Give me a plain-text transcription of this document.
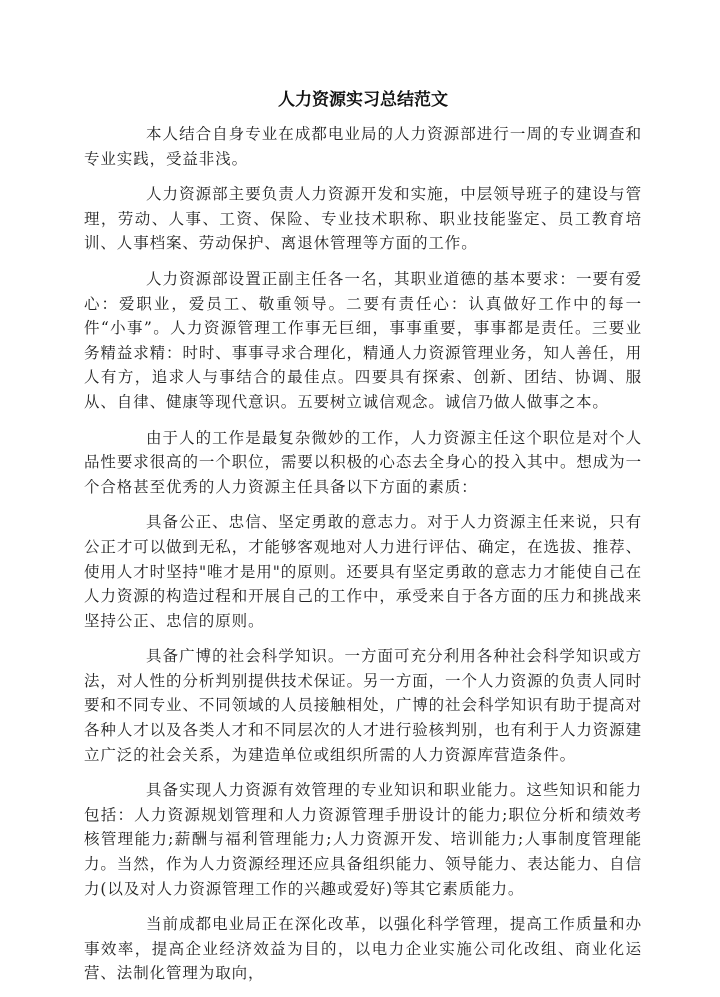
人力资源实习总结范文

本人结合自身专业在成都电业局的人力资源部进行一周的专业调查和专业实践，受益非浅。

人力资源部主要负责人力资源开发和实施，中层领导班子的建设与管理，劳动、人事、工资、保险、专业技术职称、职业技能鉴定、员工教育培训、人事档案、劳动保护、离退休管理等方面的工作。

人力资源部设置正副主任各一名，其职业道德的基本要求：一要有爱心：爱职业，爱员工、敬重领导。二要有责任心：认真做好工作中的每一件“小事”。人力资源管理工作事无巨细，事事重要，事事都是责任。三要业务精益求精：时时、事事寻求合理化，精通人力资源管理业务，知人善任，用人有方，追求人与事结合的最佳点。四要具有探索、创新、团结、协调、服从、自律、健康等现代意识。五要树立诚信观念。诚信乃做人做事之本。

由于人的工作是最复杂微妙的工作，人力资源主任这个职位是对个人品性要求很高的一个职位，需要以积极的心态去全身心的投入其中。想成为一个合格甚至优秀的人力资源主任具备以下方面的素质：

具备公正、忠信、坚定勇敢的意志力。对于人力资源主任来说，只有公正才可以做到无私，才能够客观地对人力进行评估、确定，在选拔、推荐、使用人才时坚持"唯才是用"的原则。还要具有坚定勇敢的意志力才能使自己在人力资源的构造过程和开展自己的工作中，承受来自于各方面的压力和挑战来坚持公正、忠信的原则。

具备广博的社会科学知识。一方面可充分利用各种社会科学知识或方法，对人性的分析判别提供技术保证。另一方面，一个人力资源的负责人同时要和不同专业、不同领域的人员接触相处，广博的社会科学知识有助于提高对各种人才以及各类人才和不同层次的人才进行验核判别，也有利于人力资源建立广泛的社会关系，为建造单位或组织所需的人力资源库营造条件。

具备实现人力资源有效管理的专业知识和职业能力。这些知识和能力包括：人力资源规划管理和人力资源管理手册设计的能力;职位分析和绩效考核管理能力;薪酬与福利管理能力;人力资源开发、培训能力;人事制度管理能力。当然，作为人力资源经理还应具备组织能力、领导能力、表达能力、自信力(以及对人力资源管理工作的兴趣或爱好)等其它素质能力。

当前成都电业局正在深化改革，以强化科学管理，提高工作质量和办事效率，提高企业经济效益为目的，以电力企业实施公司化改组、商业化运营、法制化管理为取向，
